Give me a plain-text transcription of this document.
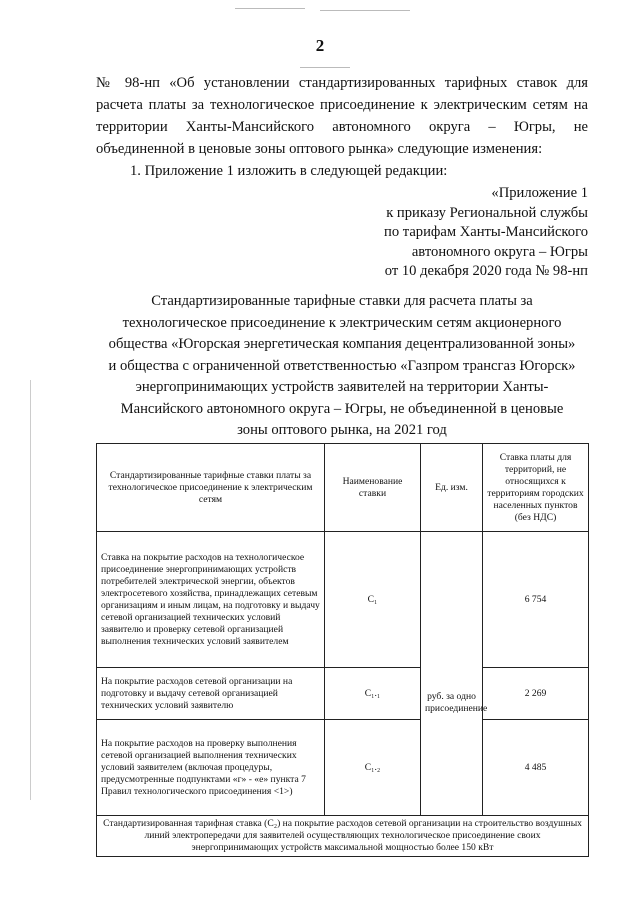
2

№ 98-нп «Об установлении стандартизированных тарифных ставок для расчета платы за технологическое присоединение к электрическим сетям на территории Ханты-Мансийского автономного округа – Югры, не объединенной в ценовые зоны оптового рынка» следующие изменения:

1. Приложение 1 изложить в следующей редакции:

«Приложение 1
к приказу Региональной службы
по тарифам Ханты-Мансийского
автономного округа – Югры
от 10 декабря 2020 года № 98-нп
Стандартизированные тарифные ставки для расчета платы за
технологическое присоединение к электрическим сетям акционерного
общества «Югорская энергетическая компания децентрализованной зоны»
и общества с ограниченной ответственностью «Газпром трансгаз Югорск»
энергопринимающих устройств заявителей на территории Ханты-
Мансийского автономного округа – Югры, не объединенной в ценовые
зоны оптового рынка, на 2021 год
Стандартизированные тарифные ставки платы за технологическое присоединение к электрическим сетям	Наименование ставки	Ед. изм.	Ставка платы для территорий, не относящихся к территориям городских населенных пунктов (без НДС)
Ставка на покрытие расходов на технологическое присоединение энергопринимающих устройств потребителей электрической энергии, объектов электросетевого хозяйства, принадлежащих сетевым организациям и иным лицам, на подготовку и выдачу сетевой организацией технических условий заявителю и проверку сетевой организацией выполнения технических условий заявителем	C₁	руб. за одно присоединение	6 754
На покрытие расходов сетевой организации на подготовку и выдачу сетевой организацией технических условий заявителю	C₁.₁		2 269
На покрытие расходов на проверку выполнения сетевой организацией выполнения технических условий заявителем (включая процедуры, предусмотренные подпунктами «г» - «е» пункта 7 Правил технологического присоединения <1>)	C₁.₂		4 485
Стандартизированная тарифная ставка (C₂) на покрытие расходов сетевой организации на строительство воздушных линий электропередачи для заявителей осуществляющих технологическое присоединение своих энергопринимающих устройств максимальной мощностью более 150 кВт			
